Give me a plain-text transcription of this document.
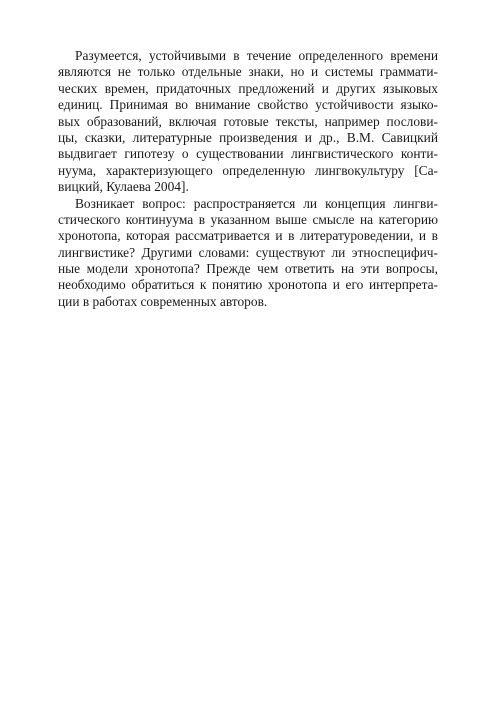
Разумеется, устойчивыми в течение определенного времени
являются не только отдельные знаки, но и системы граммати-
ческих времен, придаточных предложений и других языковых
единиц. Принимая во внимание свойство устойчивости языко-
вых образований, включая готовые тексты, например послови-
цы, сказки, литературные произведения и др., В.М. Савицкий
выдвигает гипотезу о существовании лингвистического конти-
нуума, характеризующего определенную лингвокультуру [Са-
вицкий, Кулаева 2004].
Возникает вопрос: распространяется ли концепция лингви-
стического континуума в указанном выше смысле на категорию
хронотопа, которая рассматривается и в литературоведении, и в
лингвистике? Другими словами: существуют ли этноспецифич-
ные модели хронотопа? Прежде чем ответить на эти вопросы,
необходимо обратиться к понятию хронотопа и его интерпрета-
ции в работах современных авторов.
